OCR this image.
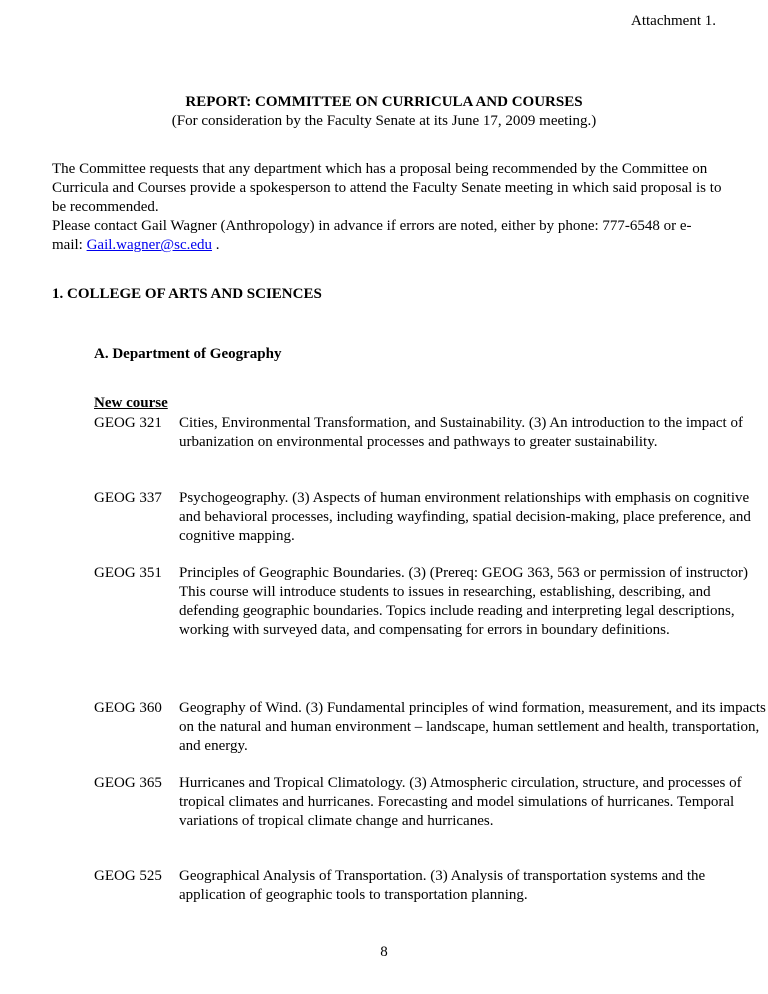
Attachment 1.
REPORT: COMMITTEE ON CURRICULA AND COURSES
(For consideration by the Faculty Senate at its June 17, 2009 meeting.)
The Committee requests that any department which has a proposal being recommended by the Committee on Curricula and Courses provide a spokesperson to attend the Faculty Senate meeting in which said proposal is to be recommended.
Please contact Gail Wagner (Anthropology) in advance if errors are noted, either by phone: 777-6548 or e-mail: Gail.wagner@sc.edu .
1. COLLEGE OF ARTS AND SCIENCES
A. Department of Geography
New course
GEOG 321	Cities, Environmental Transformation, and Sustainability. (3) An introduction to the impact of urbanization on environmental processes and pathways to greater sustainability.
GEOG 337	Psychogeography. (3) Aspects of human environment relationships with emphasis on cognitive and behavioral processes, including wayfinding, spatial decision-making, place preference, and cognitive mapping.
GEOG 351	Principles of Geographic Boundaries. (3) (Prereq: GEOG 363, 563 or permission of instructor) This course will introduce students to issues in researching, establishing, describing, and defending geographic boundaries. Topics include reading and interpreting legal descriptions, working with surveyed data, and compensating for errors in boundary definitions.
GEOG 360	Geography of Wind. (3) Fundamental principles of wind formation, measurement, and its impacts on the natural and human environment – landscape, human settlement and health, transportation, and energy.
GEOG 365	Hurricanes and Tropical Climatology. (3) Atmospheric circulation, structure, and processes of tropical climates and hurricanes. Forecasting and model simulations of hurricanes. Temporal variations of tropical climate change and hurricanes.
GEOG 525	Geographical Analysis of Transportation. (3) Analysis of transportation systems and the application of geographic tools to transportation planning.
8
